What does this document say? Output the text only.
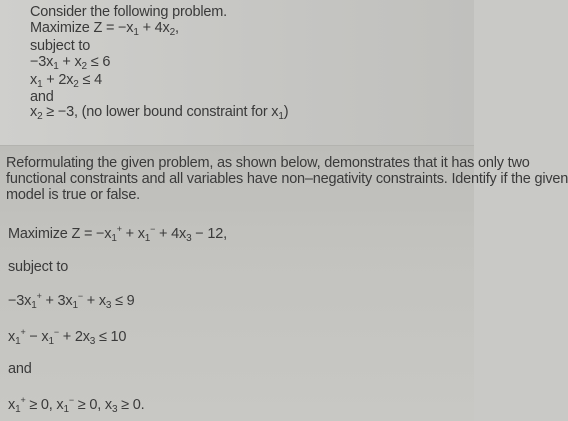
Consider the following problem.
Maximize $Z = -x_1 + 4x_2$,
subject to
$-3x_1 + x_2 \le 6$
$x_1 + 2x_2 \le 4$
and
$x_2 \ge -3$, (no lower bound constraint for $x_1$)
Reformulating the given problem, as shown below, demonstrates that it has only two
functional constraints and all variables have non–negativity constraints. Identify if the given
model is true or false.
Maximize $Z = -x_1^+ + x_1^- + 4x_3 - 12$,
subject to
$-3x_1^+ + 3x_1^- + x_3 \le 9$
$x_1^+ - x_1^- + 2x_3 \le 10$
and
$x_1^+ \ge 0$, $x_1^- \ge 0$, $x_3 \ge 0$.
